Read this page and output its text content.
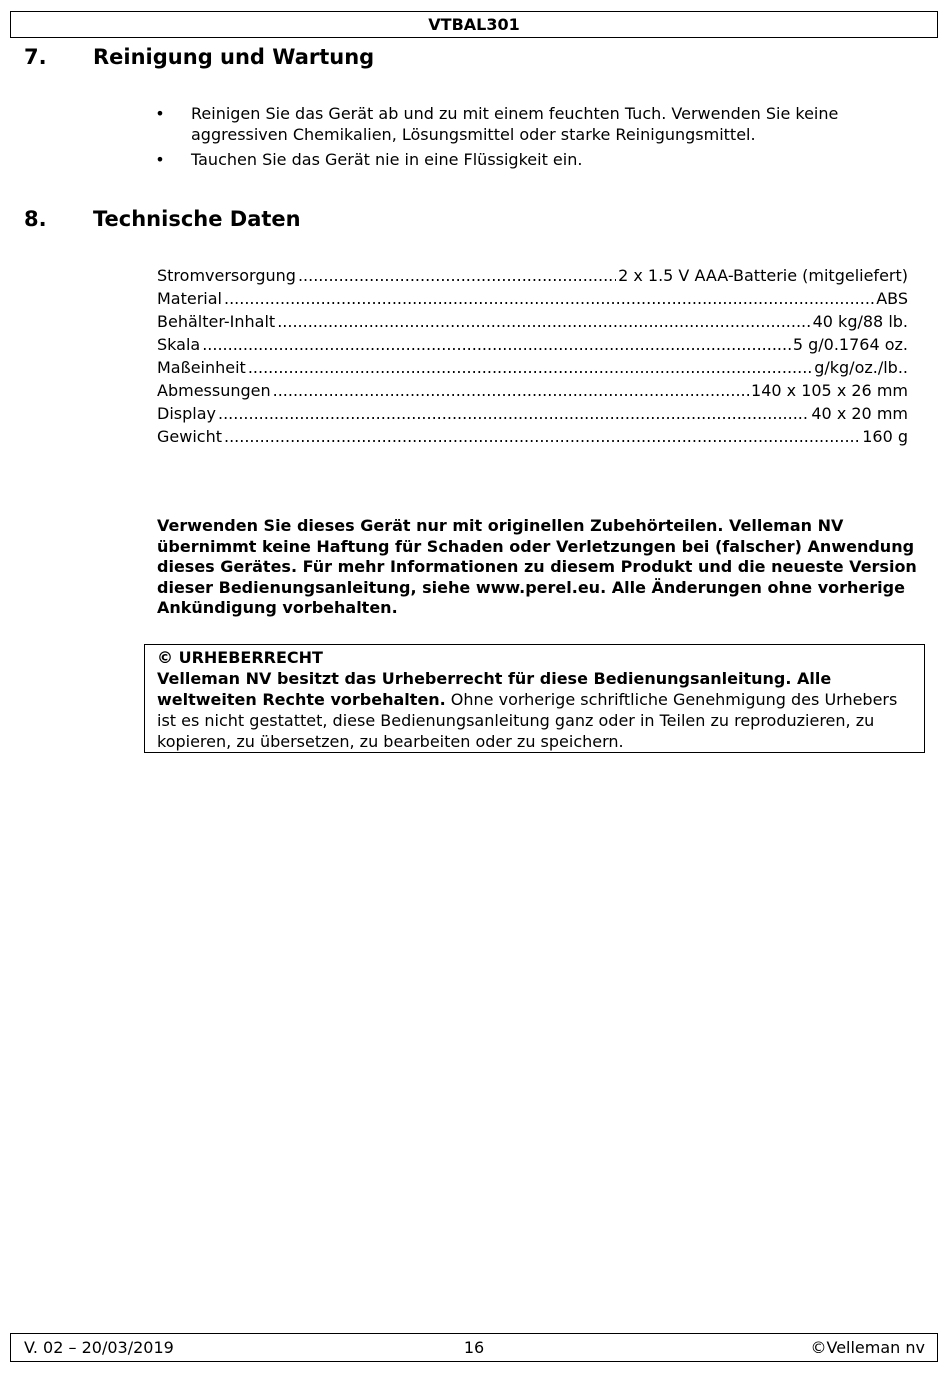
VTBAL301
7. Reinigung und Wartung
• Reinigen Sie das Gerät ab und zu mit einem feuchten Tuch. Verwenden Sie keine aggressiven Chemikalien, Lösungsmittel oder starke Reinigungsmittel.
• Tauchen Sie das Gerät nie in eine Flüssigkeit ein.
8. Technische Daten
Stromversorgung .....	2 x 1.5 V AAA-Batterie (mitgeliefert)
Material .....	ABS
Behälter-Inhalt .....	40 kg/88 lb.
Skala .....	5 g/0.1764 oz.
Maßeinheit .....	g/kg/oz./lb..
Abmessungen .....	140 x 105 x 26 mm
Display .....	40 x 20 mm
Gewicht .....	160 g
Verwenden Sie dieses Gerät nur mit originellen Zubehörteilen. Velleman NV übernimmt keine Haftung für Schaden oder Verletzungen bei (falscher) Anwendung dieses Gerätes. Für mehr Informationen zu diesem Produkt und die neueste Version dieser Bedienungsanleitung, siehe www.perel.eu. Alle Änderungen ohne vorherige Ankündigung vorbehalten.
© URHEBERRECHT
Velleman NV besitzt das Urheberrecht für diese Bedienungsanleitung. Alle weltweiten Rechte vorbehalten. Ohne vorherige schriftliche Genehmigung des Urhebers ist es nicht gestattet, diese Bedienungsanleitung ganz oder in Teilen zu reproduzieren, zu kopieren, zu übersetzen, zu bearbeiten oder zu speichern.
V. 02 – 20/03/2019	16	©Velleman nv
